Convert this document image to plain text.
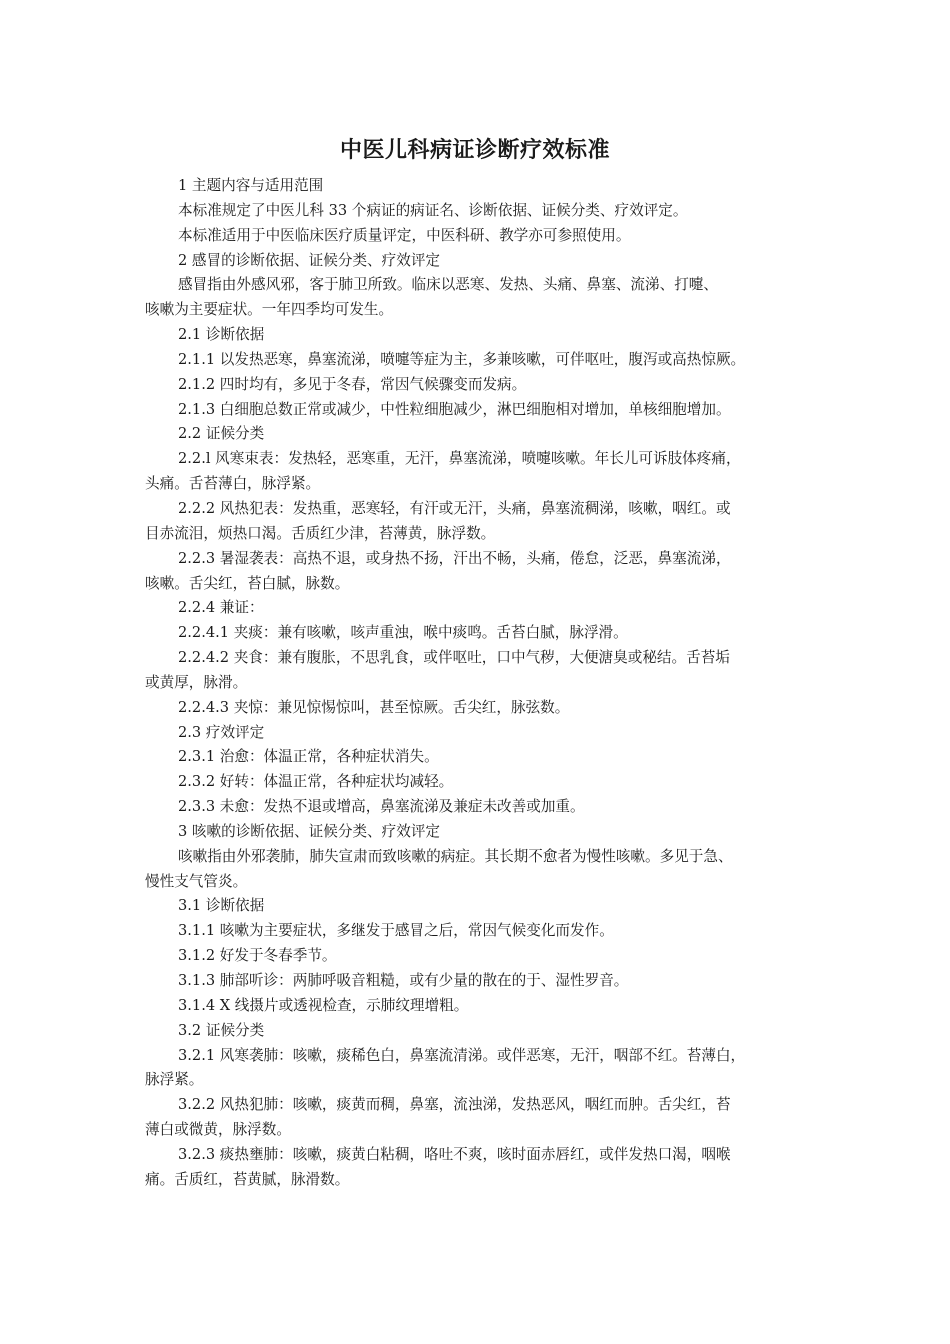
中医儿科病证诊断疗效标准
1 主题内容与适用范围
本标准规定了中医儿科 33 个病证的病证名、诊断依据、证候分类、疗效评定。
本标准适用于中医临床医疗质量评定，中医科研、教学亦可参照使用。
2 感冒的诊断依据、证候分类、疗效评定
感冒指由外感风邪，客于肺卫所致。临床以恶寒、发热、头痛、鼻塞、流涕、打嚏、
咳嗽为主要症状。一年四季均可发生。
2.1 诊断依据
2.1.1 以发热恶寒，鼻塞流涕，喷嚏等症为主，多兼咳嗽，可伴呕吐，腹泻或高热惊厥。
2.1.2 四时均有，多见于冬春，常因气候骤变而发病。
2.1.3 白细胞总数正常或减少，中性粒细胞减少，淋巴细胞相对增加，单核细胞增加。
2.2 证候分类
2.2.l 风寒束表：发热轻，恶寒重，无汗，鼻塞流涕，喷嚏咳嗽。年长儿可诉肢体疼痛，
头痛。舌苔薄白，脉浮紧。
2.2.2 风热犯表：发热重，恶寒轻，有汗或无汗，头痛，鼻塞流稠涕，咳嗽，咽红。或
目赤流泪，烦热口渴。舌质红少津，苔薄黄，脉浮数。
2.2.3 暑湿袭表：高热不退，或身热不扬，汗出不畅，头痛，倦怠，泛恶，鼻塞流涕，
咳嗽。舌尖红，苔白腻，脉数。
2.2.4 兼证：
2.2.4.1 夹痰：兼有咳嗽，咳声重浊，喉中痰鸣。舌苔白腻，脉浮滑。
2.2.4.2 夹食：兼有腹胀，不思乳食，或伴呕吐，口中气秽，大便溏臭或秘结。舌苔垢
或黄厚，脉滑。
2.2.4.3 夹惊：兼见惊惕惊叫，甚至惊厥。舌尖红，脉弦数。
2.3 疗效评定
2.3.1 治愈：体温正常，各种症状消失。
2.3.2 好转：体温正常，各种症状均减轻。
2.3.3 未愈：发热不退或增高，鼻塞流涕及兼症未改善或加重。
3 咳嗽的诊断依据、证候分类、疗效评定
咳嗽指由外邪袭肺，肺失宣肃而致咳嗽的病症。其长期不愈者为慢性咳嗽。多见于急、
慢性支气管炎。
3.1 诊断依据
3.1.1 咳嗽为主要症状，多继发于感冒之后，常因气候变化而发作。
3.1.2 好发于冬春季节。
3.1.3 肺部听诊：两肺呼吸音粗糙，或有少量的散在的于、湿性罗音。
3.1.4 X 线摄片或透视检查，示肺纹理增粗。
3.2 证候分类
3.2.1 风寒袭肺：咳嗽，痰稀色白，鼻塞流清涕。或伴恶寒，无汗，咽部不红。苔薄白，
脉浮紧。
3.2.2 风热犯肺：咳嗽，痰黄而稠，鼻塞，流浊涕，发热恶风，咽红而肿。舌尖红，苔
薄白或微黄，脉浮数。
3.2.3 痰热壅肺：咳嗽，痰黄白粘稠，咯吐不爽，咳时面赤唇红，或伴发热口渴，咽喉
痛。舌质红，苔黄腻，脉滑数。
